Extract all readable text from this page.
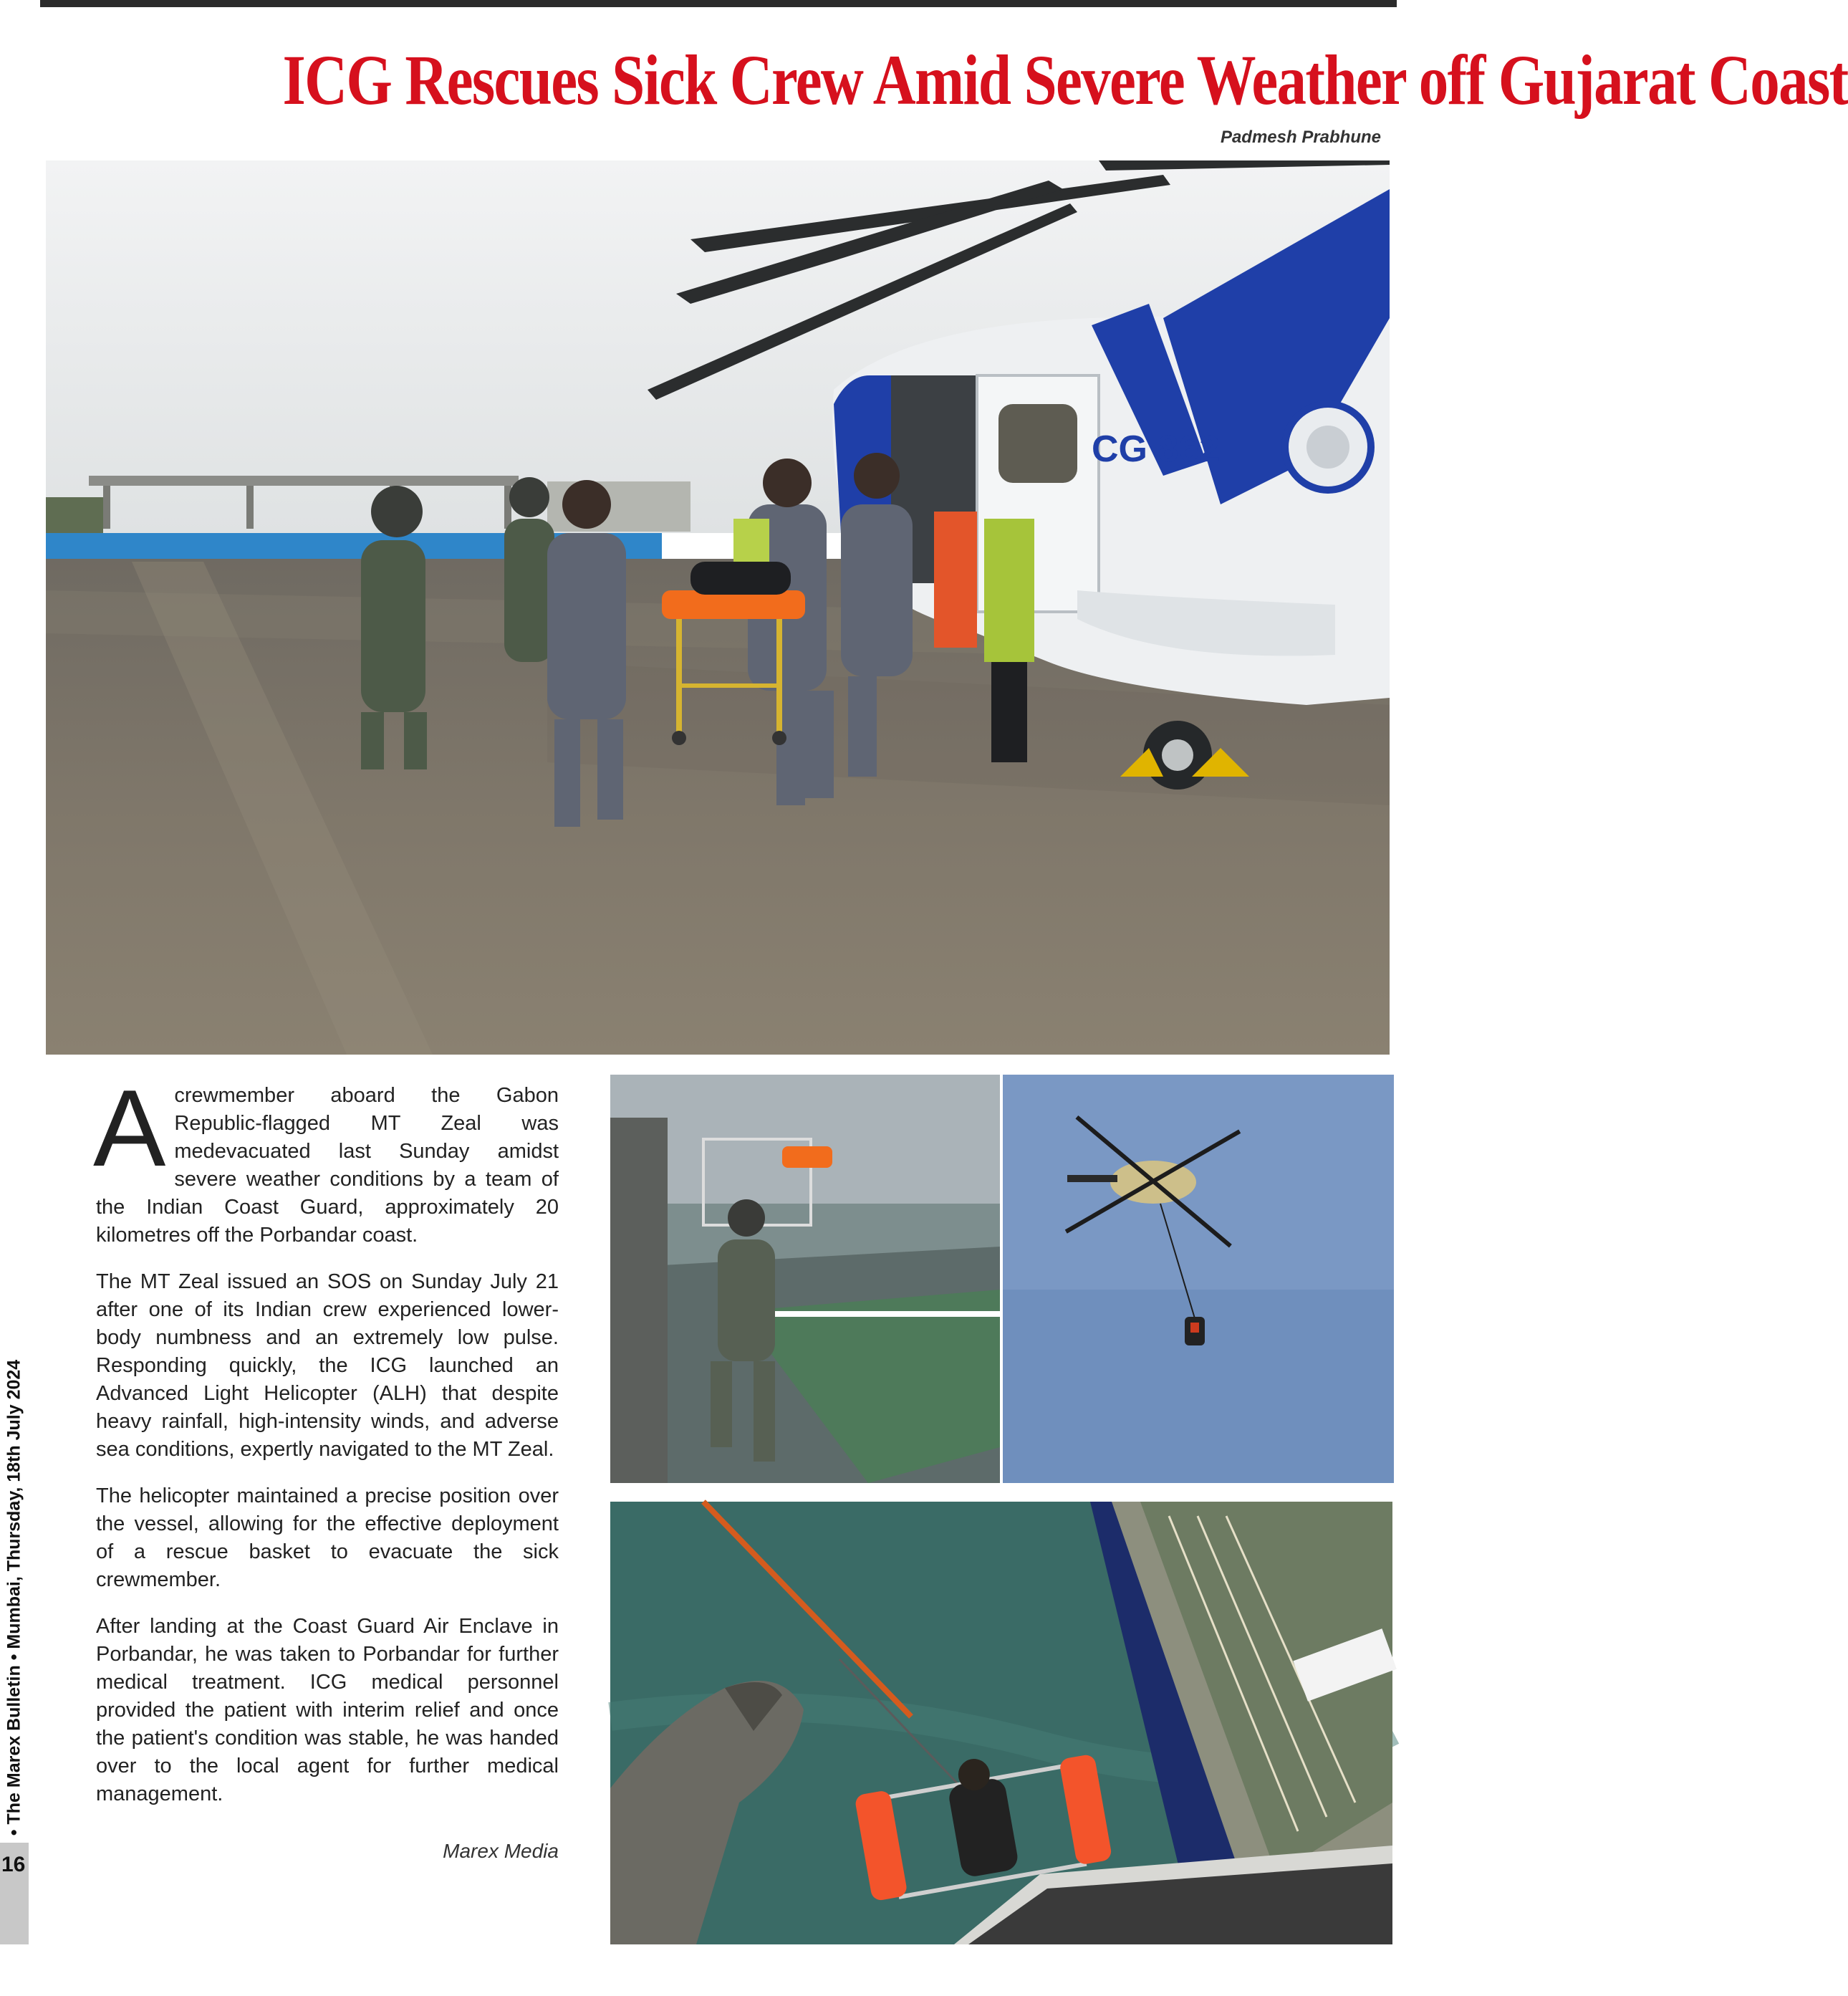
ICG Rescues Sick Crew Amid Severe Weather off Gujarat Coast
Padmesh Prabhune
CG 862

Acrewmember aboard the Gabon Republic-flagged MT Zeal was medevacuated last Sunday amidst severe weather conditions by a team of the Indian Coast Guard, approximately 20 kilometres off the Porbandar coast.

The MT Zeal issued an SOS on Sunday July 21 after one of its Indian crew experienced lower-body numbness and an extremely low pulse. Responding quickly, the ICG launched an Advanced Light Helicopter (ALH) that despite heavy rainfall, high-intensity winds, and adverse sea conditions, expertly navigated to the MT Zeal.

The helicopter maintained a precise position over the vessel, allowing for the effective deployment of a rescue basket to evacuate the sick crewmember.

After landing at the Coast Guard Air Enclave in Porbandar, he was taken to Porbandar for further medical treatment. ICG medical personnel provided the patient with interim relief and once the patient's condition was stable, he was handed over to the local agent for further medical management.

Marex Media
• The Marex Bulletin • Mumbai, Thursday, 18th July 2024
16
